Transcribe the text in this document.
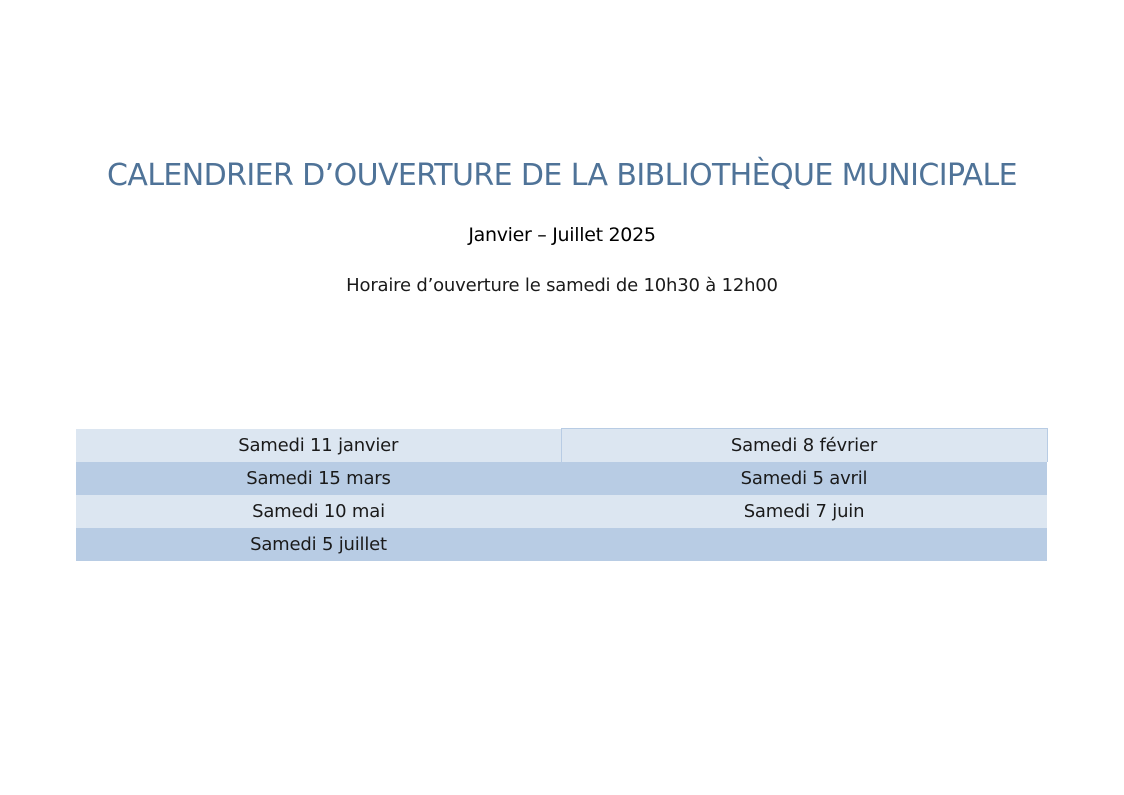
CALENDRIER D’OUVERTURE DE LA BIBLIOTHÈQUE MUNICIPALE
Janvier – Juillet 2025
Horaire d’ouverture le samedi de 10h30 à 12h00
Samedi 11 janvier	Samedi 8 février
Samedi 15 mars	Samedi 5 avril
Samedi 10 mai	Samedi 7 juin
Samedi 5 juillet	
